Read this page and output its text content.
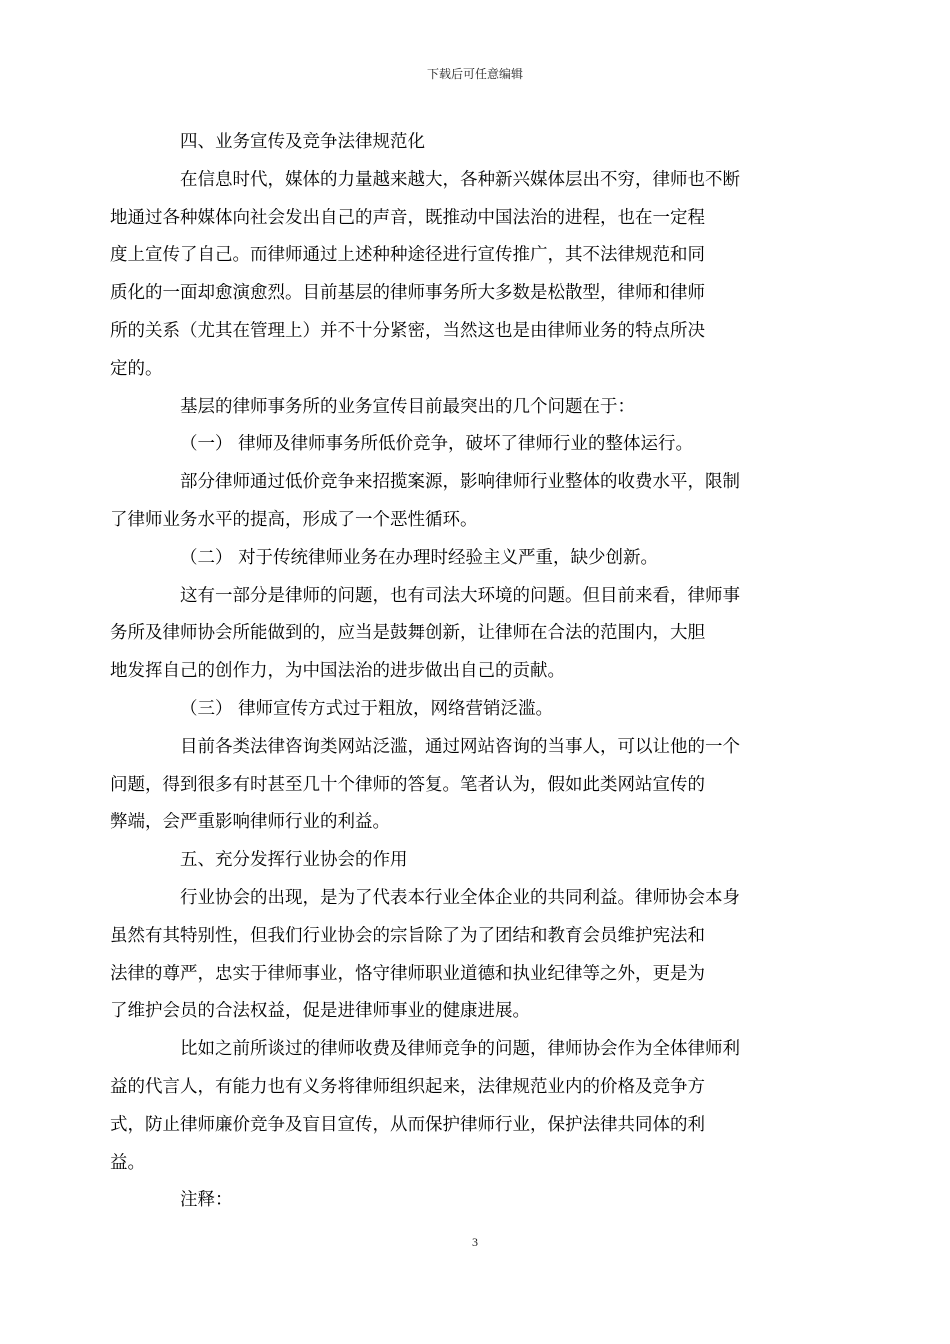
下载后可任意编辑
四、业务宣传及竞争法律规范化
在信息时代，媒体的力量越来越大，各种新兴媒体层出不穷，律师也不断
地通过各种媒体向社会发出自己的声音，既推动中国法治的进程，也在一定程
度上宣传了自己。而律师通过上述种种途径进行宣传推广，其不法律规范和同
质化的一面却愈演愈烈。目前基层的律师事务所大多数是松散型，律师和律师
所的关系（尤其在管理上）并不十分紧密，当然这也是由律师业务的特点所决
定的。
基层的律师事务所的业务宣传目前最突出的几个问题在于：
（一） 律师及律师事务所低价竞争，破坏了律师行业的整体运行。
部分律师通过低价竞争来招揽案源，影响律师行业整体的收费水平，限制
了律师业务水平的提高，形成了一个恶性循环。
（二） 对于传统律师业务在办理时经验主义严重，缺少创新。
这有一部分是律师的问题，也有司法大环境的问题。但目前来看，律师事
务所及律师协会所能做到的，应当是鼓舞创新，让律师在合法的范围内，大胆
地发挥自己的创作力，为中国法治的进步做出自己的贡献。
（三） 律师宣传方式过于粗放，网络营销泛滥。
目前各类法律咨询类网站泛滥，通过网站咨询的当事人，可以让他的一个
问题，得到很多有时甚至几十个律师的答复。笔者认为，假如此类网站宣传的
弊端，会严重影响律师行业的利益。
五、充分发挥行业协会的作用
行业协会的出现，是为了代表本行业全体企业的共同利益。律师协会本身
虽然有其特别性，但我们行业协会的宗旨除了为了团结和教育会员维护宪法和
法律的尊严，忠实于律师事业，恪守律师职业道德和执业纪律等之外，更是为
了维护会员的合法权益，促是进律师事业的健康进展。
比如之前所谈过的律师收费及律师竞争的问题，律师协会作为全体律师利
益的代言人，有能力也有义务将律师组织起来，法律规范业内的价格及竞争方
式，防止律师廉价竞争及盲目宣传，从而保护律师行业，保护法律共同体的利
益。
注释：
3
